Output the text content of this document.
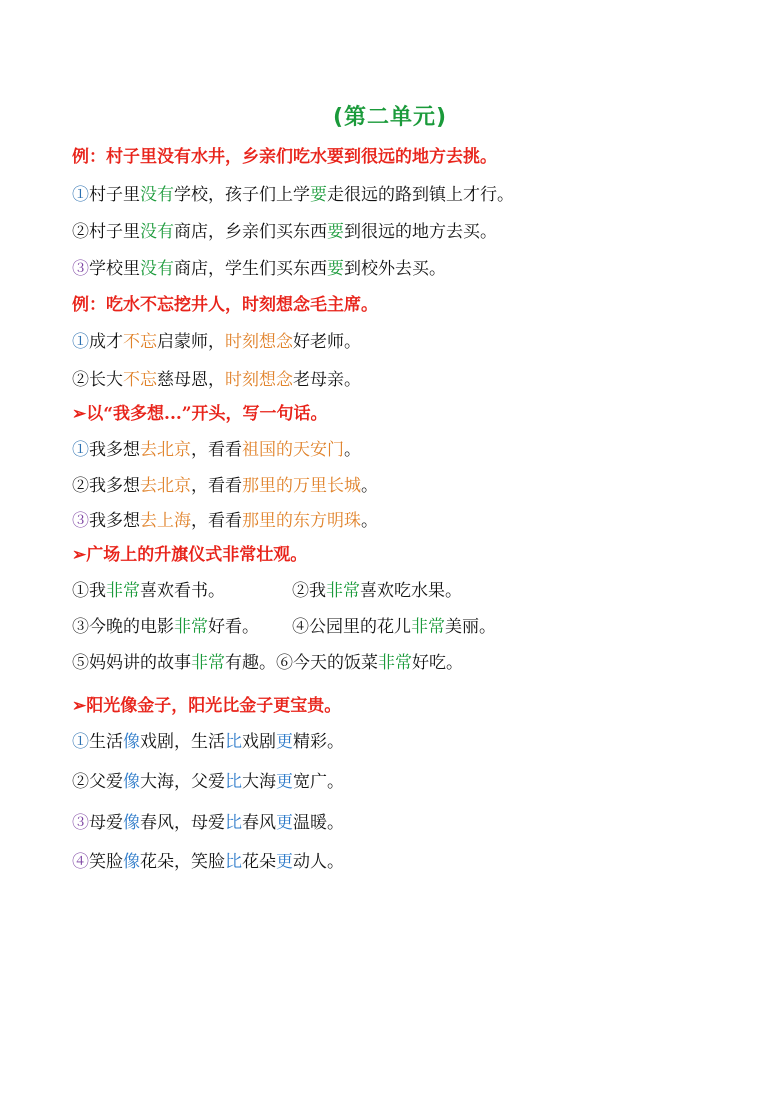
(第二单元)
例：村子里没有水井，乡亲们吃水要到很远的地方去挑。
①村子里没有学校，孩子们上学要走很远的路到镇上才行。
②村子里没有商店，乡亲们买东西要到很远的地方去买。
③学校里没有商店，学生们买东西要到校外去买。
例：吃水不忘挖井人，时刻想念毛主席。
①成才不忘启蒙师，时刻想念好老师。
②长大不忘慈母恩，时刻想念老母亲。
➢以“我多想...”开头，写一句话。
①我多想去北京，看看祖国的天安门。
②我多想去北京，看看那里的万里长城。
③我多想去上海，看看那里的东方明珠。
➢广场上的升旗仪式非常壮观。
①我非常喜欢看书。	②我非常喜欢吃水果。
③今晚的电影非常好看。 ④公园里的花儿非常美丽。
⑤妈妈讲的故事非常有趣。⑥今天的饭菜非常好吃。
➢阳光像金子，阳光比金子更宝贵。
①生活像戏剧，生活比戏剧更精彩。
②父爱像大海，父爱比大海更宽广。
③母爱像春风，母爱比春风更温暖。
④笑脸像花朵，笑脸比花朵更动人。
